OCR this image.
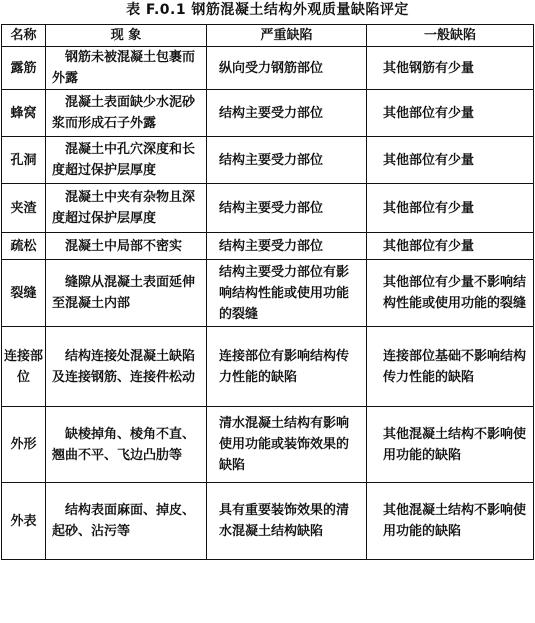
表 F.0.1 钢筋混凝土结构外观质量缺陷评定
名称	现 象	严重缺陷	一般缺陷
露筋	钢筋未被混凝土包裹而外露	纵向受力钢筋部位	其他钢筋有少量
蜂窝	混凝土表面缺少水泥砂浆而形成石子外露	结构主要受力部位	其他部位有少量
孔洞	混凝土中孔穴深度和长度超过保护层厚度	结构主要受力部位	其他部位有少量
夹渣	混凝土中夹有杂物且深度超过保护层厚度	结构主要受力部位	其他部位有少量
疏松	混凝土中局部不密实	结构主要受力部位	其他部位有少量
裂缝	缝隙从混凝土表面延伸至混凝土内部	结构主要受力部位有影响结构性能或使用功能的裂缝	其他部位有少量不影响结构性能或使用功能的裂缝
连接部位	结构连接处混凝土缺陷及连接钢筋、连接件松动	连接部位有影响结构传力性能的缺陷	连接部位基础不影响结构传力性能的缺陷
外形	缺棱掉角、棱角不直、翘曲不平、飞边凸肋等	清水混凝土结构有影响使用功能或装饰效果的缺陷	其他混凝土结构不影响使用功能的缺陷
外表	结构表面麻面、掉皮、起砂、沾污等	具有重要装饰效果的清水混凝土结构缺陷	其他混凝土结构不影响使用功能的缺陷
